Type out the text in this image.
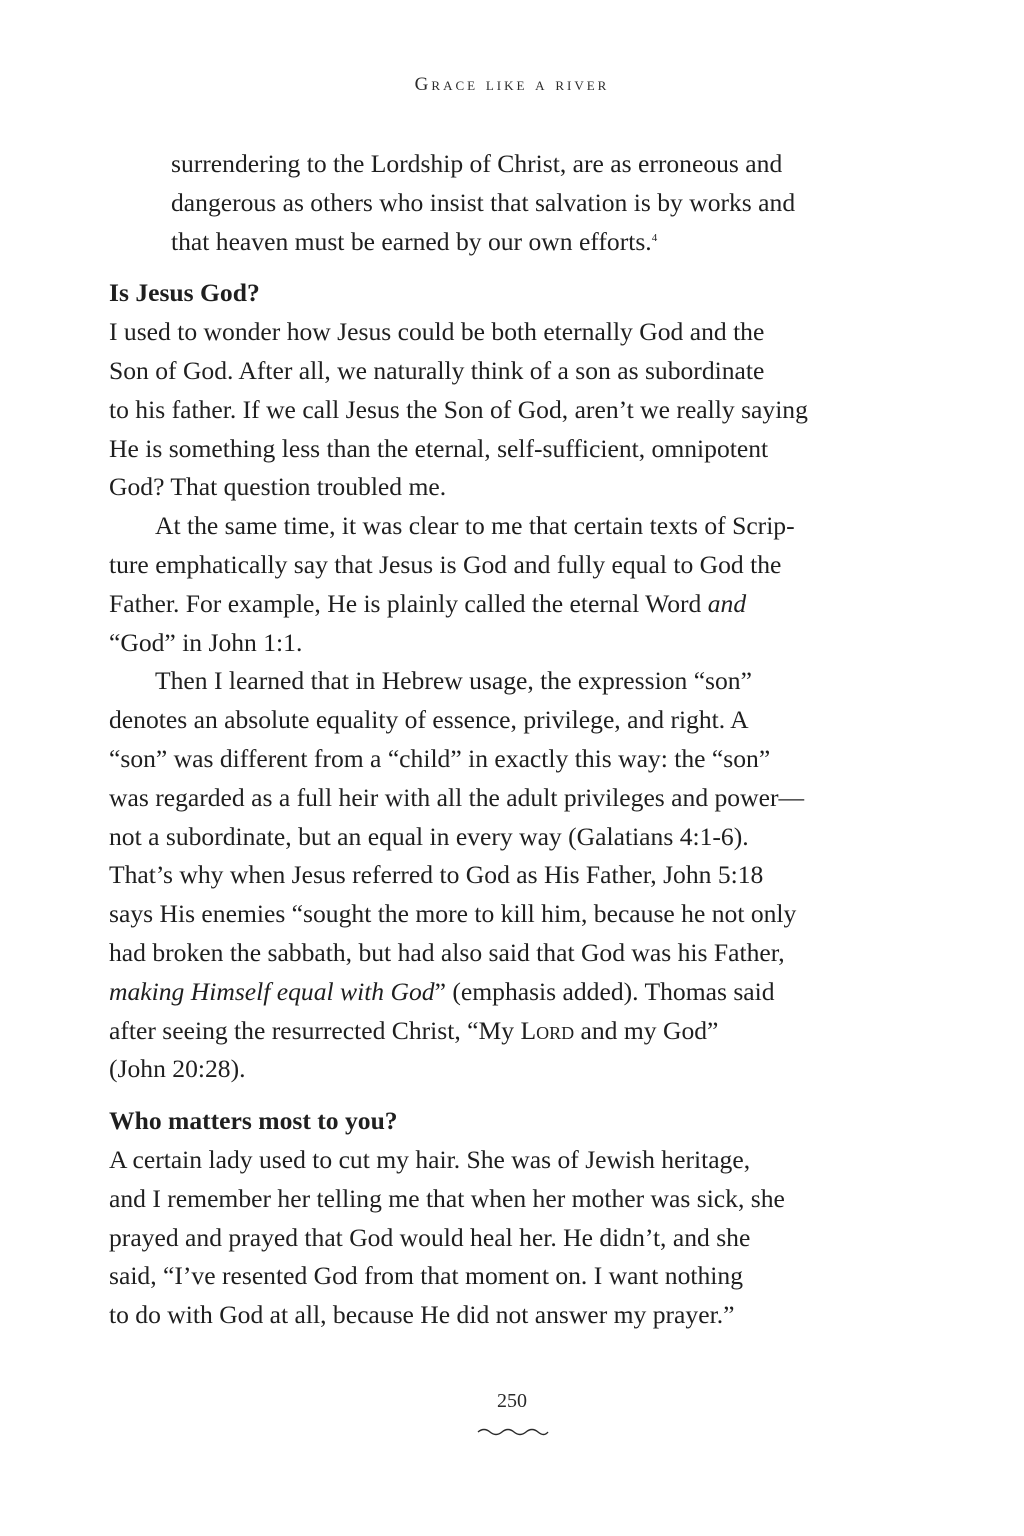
Grace like a river
surrendering to the Lordship of Christ, are as erroneous and
dangerous as others who insist that salvation is by works and
that heaven must be earned by our own efforts.$^4$
Is Jesus God?
I used to wonder how Jesus could be both eternally God and the
Son of God. After all, we naturally think of a son as subordinate
to his father. If we call Jesus the Son of God, aren’t we really saying
He is something less than the eternal, self-sufficient, omnipotent
God? That question troubled me.
At the same time, it was clear to me that certain texts of Scrip-
ture emphatically say that Jesus is God and fully equal to God the
Father. For example, He is plainly called the eternal Word and
“God” in John 1:1.
Then I learned that in Hebrew usage, the expression “son”
denotes an absolute equality of essence, privilege, and right. A
“son” was different from a “child” in exactly this way: the “son”
was regarded as a full heir with all the adult privileges and power—
not a subordinate, but an equal in every way (Galatians 4:1-6).
That’s why when Jesus referred to God as His Father, John 5:18
says His enemies “sought the more to kill him, because he not only
had broken the sabbath, but had also said that God was his Father,
making Himself equal with God” (emphasis added). Thomas said
after seeing the resurrected Christ, “My Lord and my God”
(John 20:28).
Who matters most to you?
A certain lady used to cut my hair. She was of Jewish heritage,
and I remember her telling me that when her mother was sick, she
prayed and prayed that God would heal her. He didn’t, and she
said, “I’ve resented God from that moment on. I want nothing
to do with God at all, because He did not answer my prayer.”
250
